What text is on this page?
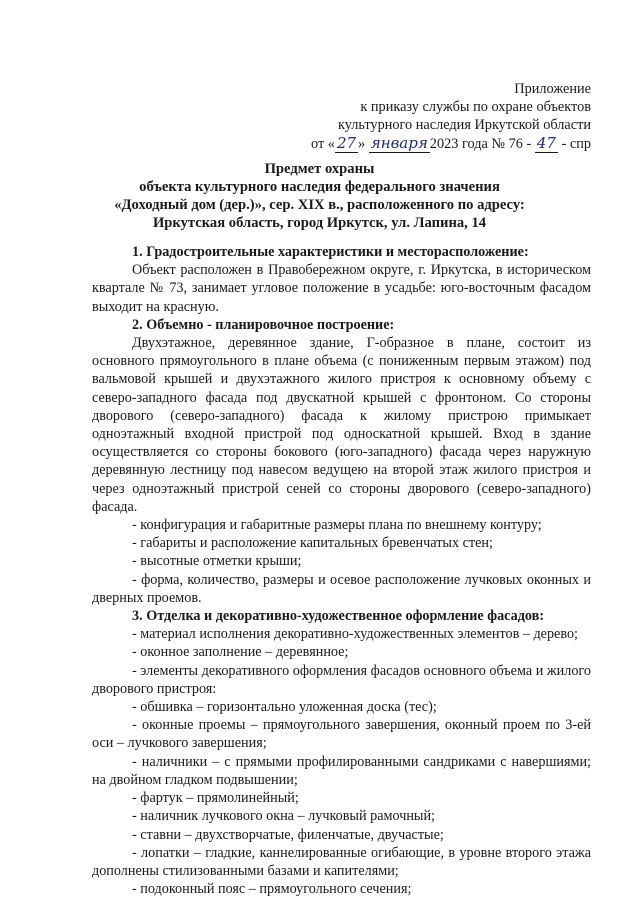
Приложение
к приказу службы по охране объектов
культурного наследия Иркутской области
от « 27 » января 2023 года № 76 - 47 - спр
Предмет охраны
объекта культурного наследия федерального значения
«Доходный дом (дер.)», сер. XIX в., расположенного по адресу:
Иркутская область, город Иркутск, ул. Лапина, 14

1. Градостроительные характеристики и месторасположение:

Объект расположен в Правобережном округе, г. Иркутска, в историческом квартале № 73, занимает угловое положение в усадьбе: юго-восточным фасадом выходит на красную.

2. Объемно - планировочное построение:

Двухэтажное, деревянное здание, Г-образное в плане, состоит из основного прямоугольного в плане объема (с пониженным первым этажом) под вальмовой крышей и двухэтажного жилого пристроя к основному объему с северо-западного фасада под двускатной крышей с фронтоном. Со стороны дворового (северо-западного) фасада к жилому пристрою примыкает одноэтажный входной пристрой под односкатной крышей. Вход в здание осуществляется со стороны бокового (юго-западного) фасада через наружную деревянную лестницу под навесом ведущею на второй этаж жилого пристроя и через одноэтажный пристрой сеней со стороны дворового (северо-западного) фасада.

- конфигурация и габаритные размеры плана по внешнему контуру;

- габариты и расположение капитальных бревенчатых стен;

- высотные отметки крыши;

- форма, количество, размеры и осевое расположение лучковых оконных и дверных проемов.

3. Отделка и декоративно-художественное оформление фасадов:

- материал исполнения декоративно-художественных элементов – дерево;

- оконное заполнение – деревянное;

- элементы декоративного оформления фасадов основного объема и жилого дворового пристроя:

- обшивка – горизонтально уложенная доска (тес);

- оконные проемы – прямоугольного завершения, оконный проем по 3-ей оси – лучкового завершения;

- наличники – с прямыми профилированными сандриками с навершиями; на двойном гладком подвышении;

- фартук – прямолинейный;

- наличник лучкового окна – лучковый рамочный;

- ставни – двухстворчатые, филенчатые, двучастые;

- лопатки – гладкие, каннелированные огибающие, в уровне второго этажа дополнены стилизованными базами и капителями;

- подоконный пояс – прямоугольного сечения;
